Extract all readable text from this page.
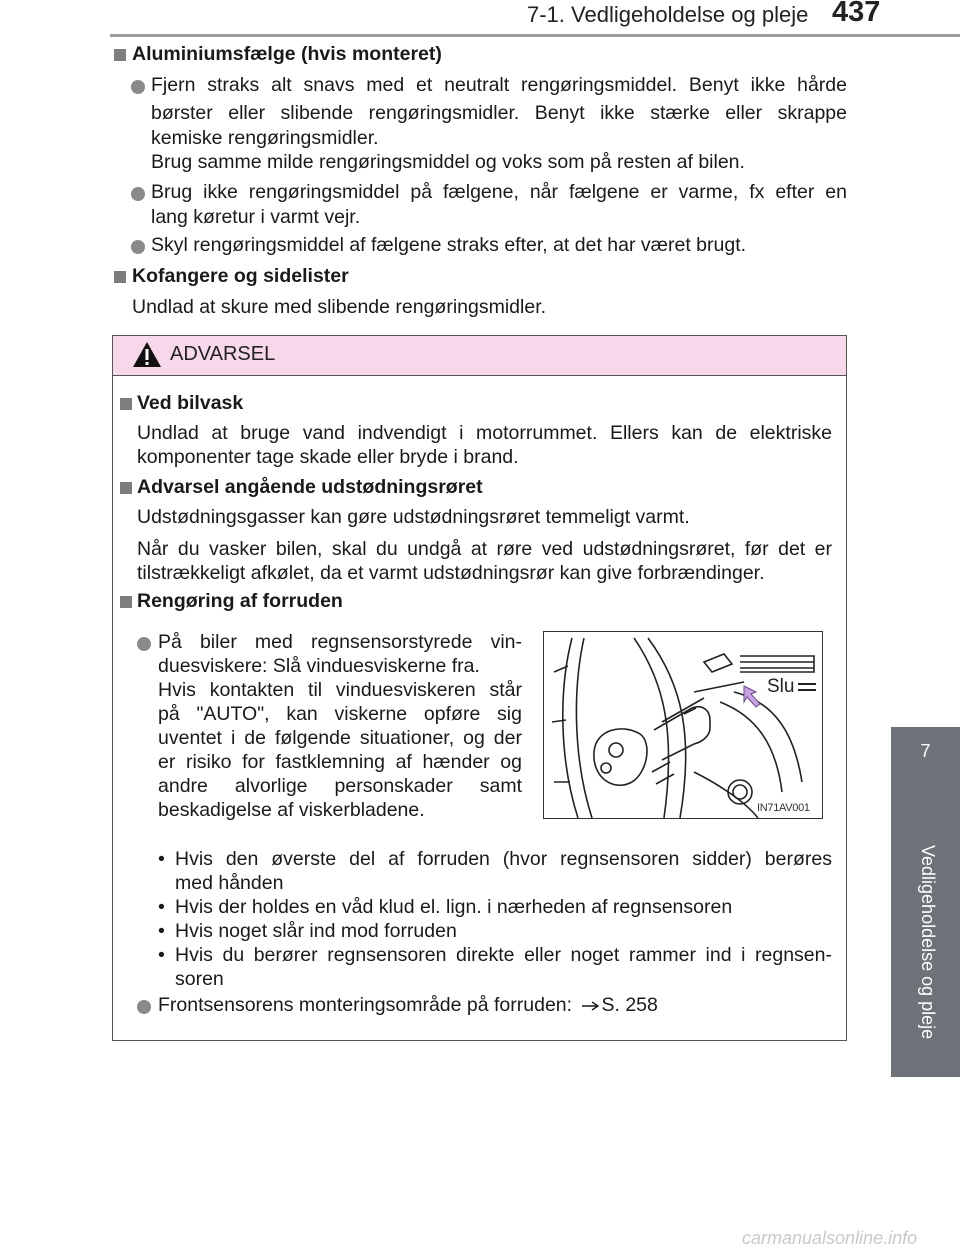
7-1. Vedligeholdelse og pleje 437
7
Vedligeholdelse og pleje
Aluminiumsfælge (hvis monteret)
Fjern straks alt snavs med et neutralt rengøringsmiddel. Benyt ikke hårde
børster eller slibende rengøringsmidler. Benyt ikke stærke eller skrappe
kemiske rengøringsmidler.
Brug samme milde rengøringsmiddel og voks som på resten af bilen.
Brug ikke rengøringsmiddel på fælgene, når fælgene er varme, fx efter en
lang køretur i varmt vejr.
Skyl rengøringsmiddel af fælgene straks efter, at det har været brugt.
Kofangere og sidelister
Undlad at skure med slibende rengøringsmidler.
ADVARSEL
Ved bilvask
Undlad at bruge vand indvendigt i motorrummet. Ellers kan de elektriske
komponenter tage skade eller bryde i brand.
Advarsel angående udstødningsrøret
Udstødningsgasser kan gøre udstødningsrøret temmeligt varmt.
Når du vasker bilen, skal du undgå at røre ved udstødningsrøret, før det er
tilstrækkeligt afkølet, da et varmt udstødningsrør kan give forbrændinger.
Rengøring af forruden
På biler med regnsensorstyrede vin-
duesviskere: Slå vinduesviskerne fra.
Hvis kontakten til vinduesviskeren står
på "AUTO", kan viskerne opføre sig
uventet i de følgende situationer, og der
er risiko for fastklemning af hænder og
andre alvorlige personskader samt
beskadigelse af viskerbladene.
Slu
IN71AV001
• Hvis den øverste del af forruden (hvor regnsensoren sidder) berøres
med hånden
• Hvis der holdes en våd klud el. lign. i nærheden af regnsensoren
• Hvis noget slår ind mod forruden
• Hvis du berører regnsensoren direkte eller noget rammer ind i regnsen-
soren
Frontsensorens monteringsområde på forruden: S. 258
carmanualsonline.info
